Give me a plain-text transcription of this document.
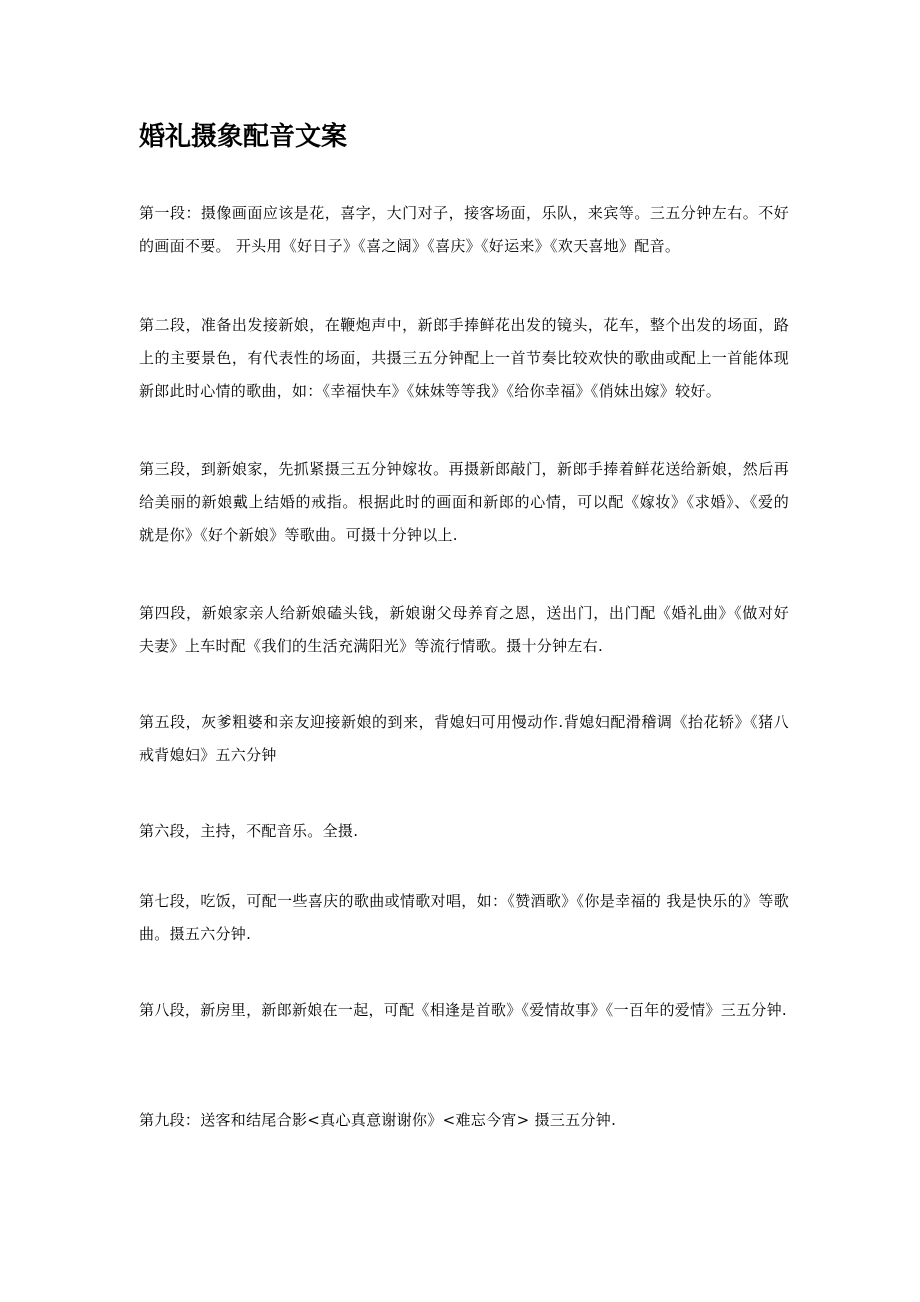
婚礼摄象配音文案

第一段：摄像画面应该是花，喜字，大门对子，接客场面，乐队，来宾等。三五分钟左右。不好的画面不要。 开头用《好日子》《喜之阔》《喜庆》《好运来》《欢天喜地》配音。

第二段，准备出发接新娘，在鞭炮声中，新郎手捧鲜花出发的镜头，花车，整个出发的场面，路上的主要景色，有代表性的场面，共摄三五分钟配上一首节奏比较欢快的歌曲或配上一首能体现新郎此时心情的歌曲，如：《幸福快车》《妹妹等等我》《给你幸福》《俏妹出嫁》较好。

第三段，到新娘家，先抓紧摄三五分钟嫁妆。再摄新郎敲门，新郎手捧着鲜花送给新娘，然后再给美丽的新娘戴上结婚的戒指。根据此时的画面和新郎的心情，可以配《嫁妆》《求婚》、《爱的就是你》《好个新娘》等歌曲。可摄十分钟以上.

第四段，新娘家亲人给新娘磕头钱，新娘谢父母养育之恩，送出门，出门配《婚礼曲》《做对好夫妻》上车时配《我们的生活充满阳光》等流行情歌。摄十分钟左右.

第五段，灰爹粗婆和亲友迎接新娘的到来，背媳妇可用慢动作.背媳妇配滑稽调《抬花轿》《猪八戒背媳妇》五六分钟

第六段，主持，不配音乐。全摄.

第七段，吃饭，可配一些喜庆的歌曲或情歌对唱，如：《赞酒歌》《你是幸福的 我是快乐的》等歌曲。摄五六分钟.

第八段，新房里，新郎新娘在一起，可配《相逢是首歌》《爱情故事》《一百年的爱情》三五分钟.

第九段：送客和结尾合影<真心真意谢谢你》<难忘今宵> 摄三五分钟.
